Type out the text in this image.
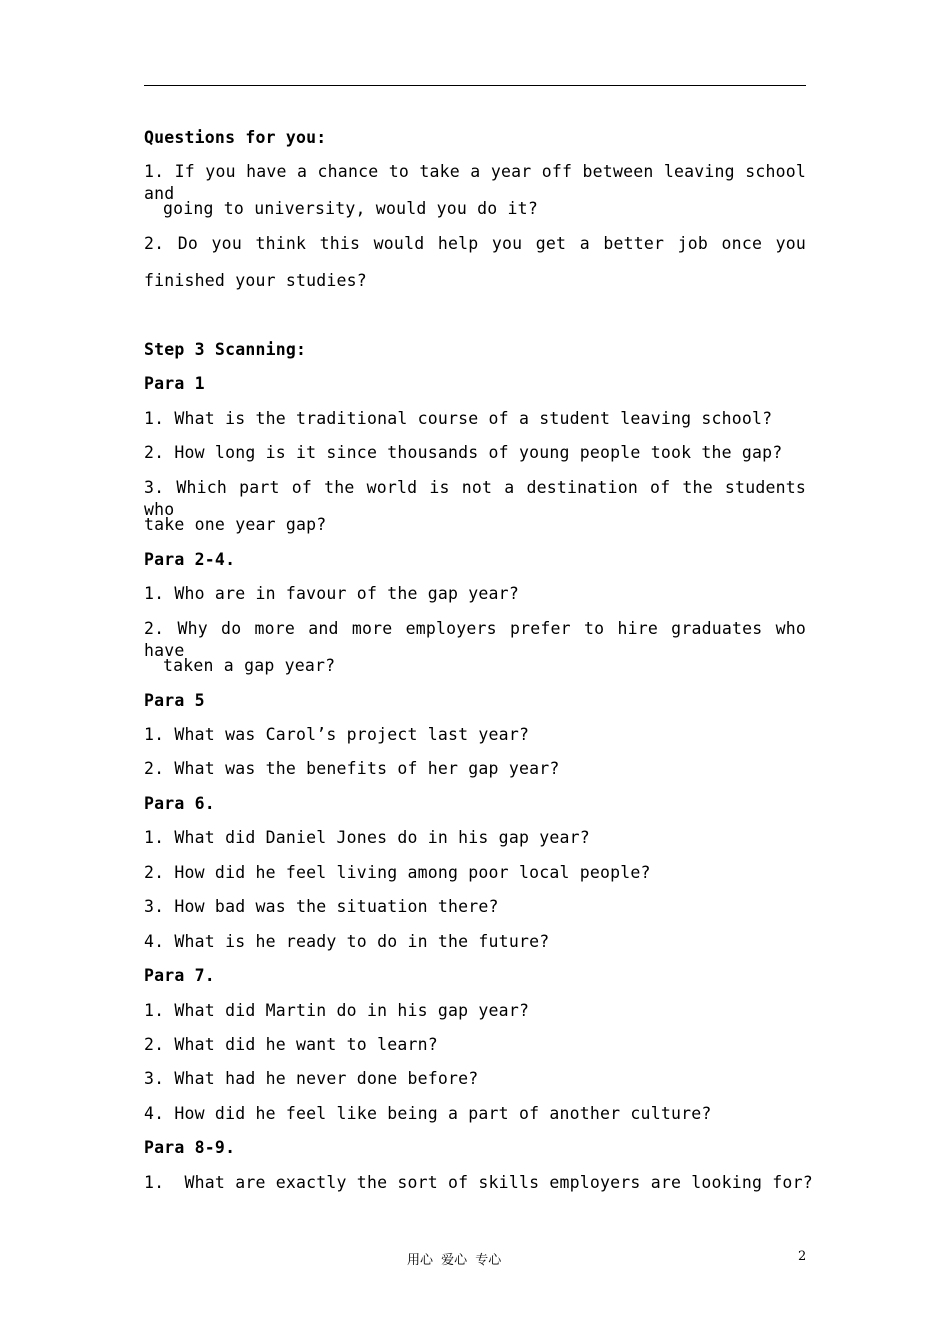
Questions for you:
1. If you have a chance to take a year off between leaving school and
going to university, would you do it?
2. Do you think this would help you get a better job once you
finished your studies?
Step 3 Scanning:
Para 1
1. What is the traditional course of a student leaving school?
2. How long is it since thousands of young people took the gap?
3. Which part of the world is not a destination of the students who
take one year gap?
Para 2-4.
1. Who are in favour of the gap year?
2. Why do more and more employers prefer to hire graduates who have
taken a gap year?
Para 5
1. What was Carol’s project last year?
2. What was the benefits of her gap year?
Para 6.
1. What did Daniel Jones do in his gap year?
2. How did he feel living among poor local people?
3. How bad was the situation there?
4. What is he ready to do in the future?
Para 7.
1. What did Martin do in his gap year?
2. What did he want to learn?
3. What had he never done before?
4. How did he feel like being a part of another culture?
Para 8-9.
1.  What are exactly the sort of skills employers are looking for?
用心 爱心 专心	2
